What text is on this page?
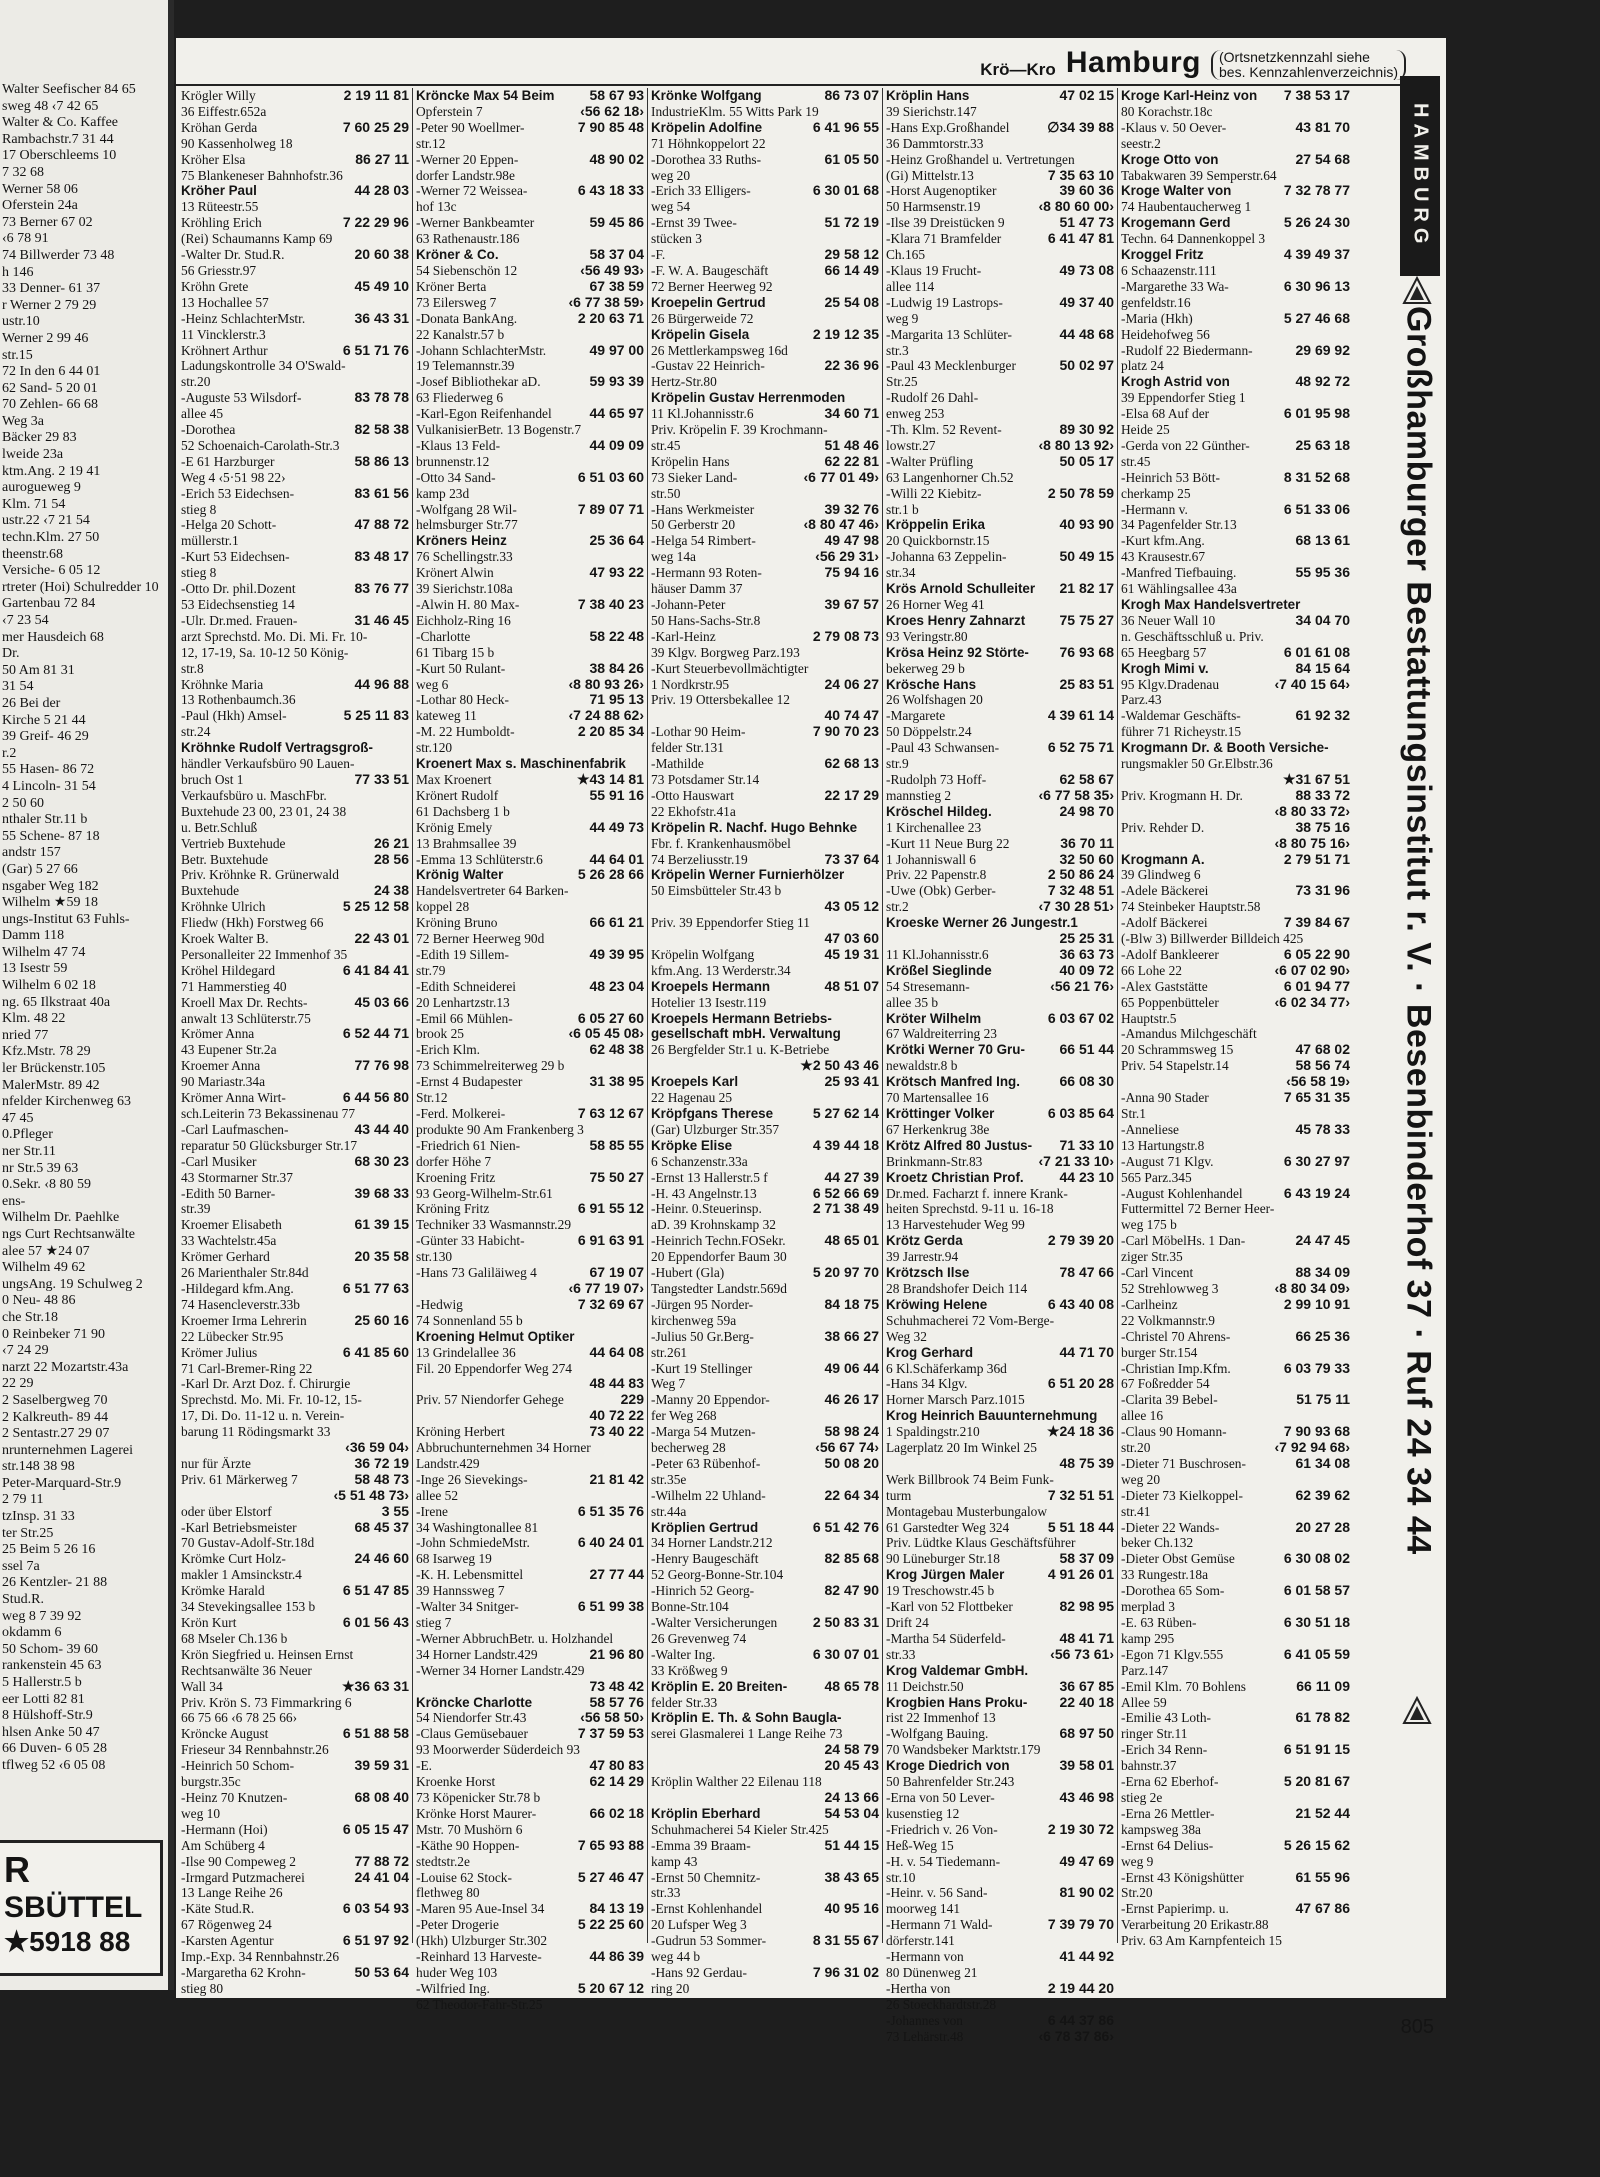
Walter Seefischer 84 65
sweg 48 ‹7 42 65
Walter & Co. Kaffee
Rambachstr.7 31 44
17 Oberschleems 10
7 32 68
Werner 58 06
Oferstein 24a
73 Berner 67 02
‹6 78 91
74 Billwerder 73 48
h 146
33 Denner- 61 37
r Werner 2 79 29
ustr.10
Werner 2 99 46
str.15
72 In den 6 44 01
62 Sand- 5 20 01
70 Zehlen- 66 68
Weg 3a
Bäcker 29 83
lweide 23a
ktm.Ang. 2 19 41
aurogueweg 9
Klm. 71 54
ustr.22 ‹7 21 54
techn.Klm. 27 50
theenstr.68
Versiche- 6 05 12
rtreter (Hoi) Schulredder 10
Gartenbau 72 84
‹7 23 54
mer Hausdeich 68
Dr.
50 Am 81 31
31 54
26 Bei der
Kirche 5 21 44
39 Greif- 46 29
r.2
55 Hasen- 86 72
4 Lincoln- 31 54
2 50 60
nthaler Str.11 b
55 Schene- 87 18
andstr 157
(Gar) 5 27 66
nsgaber Weg 182
Wilhelm ★59 18
ungs-Institut 63 Fuhls-
Damm 118
Wilhelm 47 74
13 Isestr 59
Wilhelm 6 02 18
ng. 65 Ilkstraat 40a
Klm. 48 22
nried 77
Kfz.Mstr. 78 29
ler Brückenstr.105
MalerMstr. 89 42
nfelder Kirchenweg 63
47 45
0.Pfleger
ner Str.11
nr Str.5 39 63
0.Sekr. ‹8 80 59
ens-
Wilhelm Dr. Paehlke
ngs Curt Rechtsanwälte
alee 57 ★24 07
Wilhelm 49 62
ungsAng. 19 Schulweg 2
0 Neu- 48 86
che Str.18
0 Reinbeker 71 90
‹7 24 29
narzt 22 Mozartstr.43a
22 29
2 Saselbergweg 70
2 Kalkreuth- 89 44
2 Sentastr.27 29 07
nrunternehmen Lagerei
str.148 38 98
Peter-Marquard-Str.9
2 79 11
tzInsp. 31 33
ter Str.25
25 Beim 5 26 16
ssel 7a
26 Kentzler- 21 88
Stud.R.
weg 8 7 39 92
okdamm 6
50 Schom- 39 60
rankenstein 45 63
5 Hallerstr.5 b
eer Lotti 82 81
8 Hülshoff-Str.9
hlsen Anke 50 47
66 Duven- 6 05 28
tflweg 52 ‹6 05 08
R
SBÜTTEL
★5918 88
Krö—Kro Hamburg	(Ortsnetzkennzahl siehe
bes. Kennzahlenverzeichnis)
Krögler Willy	2 19 11 81
36 Eiffestr.652a
Kröhan Gerda	7 60 25 29
90 Kassenholweg 18
Kröher Elsa	86 27 11
75 Blankeneser Bahnhofstr.36
Kröher Paul	44 28 03
13 Rüteestr.55
Kröhling Erich	7 22 29 96
(Rei) Schaumanns Kamp 69
-Walter Dr. Stud.R.	20 60 38
56 Griesstr.97
Kröhn Grete	45 49 10
13 Hochallee 57
-Heinz SchlachterMstr.	36 43 31
11 Vincklerstr.3
Kröhnert Arthur	6 51 71 76
Ladungskontrolle 34 O'Swald-
str.20
-Auguste 53 Wilsdorf-	83 78 78
allee 45
-Dorothea	82 58 38
52 Schoenaich-Carolath-Str.3
-E 61 Harzburger	58 86 13
Weg 4 ‹5·51 98 22›
-Erich 53 Eidechsen-	83 61 56
stieg 8
-Helga 20 Schott-	47 88 72
müllerstr.1
-Kurt 53 Eidechsen-	83 48 17
stieg 8
-Otto Dr. phil.Dozent	83 76 77
53 Eidechsenstieg 14
-Ulr. Dr.med. Frauen-	31 46 45
arzt Sprechstd. Mo. Di. Mi. Fr. 10-
12, 17-19, Sa. 10-12 50 König-
str.8
Kröhnke Maria	44 96 88
13 Rothenbaumch.36
-Paul (Hkh) Amsel-	5 25 11 83
str.24
Kröhnke Rudolf Vertragsgroß-
händler Verkaufsbüro 90 Lauen-
bruch Ost 1	77 33 51
Verkaufsbüro u. MaschFbr.
Buxtehude 23 00, 23 01, 24 38
u. Betr.Schluß
Vertrieb Buxtehude	26 21
Betr. Buxtehude	28 56
Priv. Kröhnke R. Grünerwald
Buxtehude	24 38
Kröhnke Ulrich	5 25 12 58
Fliedw (Hkh) Forstweg 66
Kroek Walter B.	22 43 01
Personalleiter 22 Immenhof 35
Kröhel Hildegard	6 41 84 41
71 Hammerstieg 40
Kroell Max Dr. Rechts-	45 03 66
anwalt 13 Schlüterstr.75
Krömer Anna	6 52 44 71
43 Eupener Str.2a
Kroemer Anna	77 76 98
90 Mariastr.34a
Krömer Anna Wirt-	6 44 56 80
sch.Leiterin 73 Bekassinenau 77
-Carl Laufmaschen-	43 44 40
reparatur 50 Glücksburger Str.17
-Carl Musiker	68 30 23
43 Stormarner Str.37
-Edith 50 Barner-	39 68 33
str.39
Kroemer Elisabeth	61 39 15
33 Wachtelstr.45a
Krömer Gerhard	20 35 58
26 Marienthaler Str.84d
-Hildegard kfm.Ang.	6 51 77 63
74 Hasencleverstr.33b
Kroemer Irma Lehrerin	25 60 16
22 Lübecker Str.95
Krömer Julius	6 41 85 60
71 Carl-Bremer-Ring 22
-Karl Dr. Arzt Doz. f. Chirurgie
Sprechstd. Mo. Mi. Fr. 10-12, 15-
17, Di. Do. 11-12 u. n. Verein-
barung 11 Rödingsmarkt 33
‹36 59 04›
nur für Ärzte	36 72 19
Priv. 61 Märkerweg 7	58 48 73
‹5 51 48 73›
oder über Elstorf	3 55
-Karl Betriebsmeister	68 45 37
70 Gustav-Adolf-Str.18d
Krömke Curt Holz-	24 46 60
makler 1 Amsinckstr.4
Krömke Harald	6 51 47 85
34 Stevekingsallee 153 b
Krön Kurt	6 01 56 43
68 Mseler Ch.136 b
Krön Siegfried u. Heinsen Ernst
Rechtsanwälte 36 Neuer
Wall 34	★36 63 31
Priv. Krön S. 73 Fimmarkring 6
66 75 66 ‹6 78 25 66›
Kröncke August	6 51 88 58
Frieseur 34 Rennbahnstr.26
-Heinrich 50 Schom-	39 59 31
burgstr.35c
-Heinz 70 Knutzen-	68 08 40
weg 10
-Hermann (Hoi)	6 05 15 47
Am Schüberg 4
-Ilse 90 Compeweg 2	77 88 72
-Irmgard Putzmacherei	24 41 04
13 Lange Reihe 26
-Käte Stud.R.	6 03 54 93
67 Rögenweg 24
-Karsten Agentur	6 51 97 92
Imp.-Exp. 34 Rennbahnstr.26
-Margaretha 62 Krohn-	50 53 64
stieg 80
Kröncke Max 54 Beim	58 67 93
Opferstein 7	‹56 62 18›
-Peter 90 Woellmer-	7 90 85 48
str.12
-Werner 20 Eppen-	48 90 02
dorfer Landstr.98e
-Werner 72 Weissea-	6 43 18 33
hof 13c
-Werner Bankbeamter	59 45 86
63 Rathenaustr.186
Kröner & Co.	58 37 04
54 Siebenschön 12	‹56 49 93›
Kröner Berta	67 38 59
73 Eilersweg 7	‹6 77 38 59›
-Donata BankAng.	2 20 63 71
22 Kanalstr.57 b
-Johann SchlachterMstr.	49 97 00
19 Telemannstr.39
-Josef Bibliothekar aD.	59 93 39
63 Fliederweg 6
-Karl-Egon Reifenhandel	44 65 97
VulkanisierBetr. 13 Bogenstr.7
-Klaus 13 Feld-	44 09 09
brunnenstr.12
-Otto 34 Sand-	6 51 03 60
kamp 23d
-Wolfgang 28 Wil-	7 89 07 71
helmsburger Str.77
Kröners Heinz	25 36 64
76 Schellingstr.33
Krönert Alwin	47 93 22
39 Sierichstr.108a
-Alwin H. 80 Max-	7 38 40 23
Eichholz-Ring 16
-Charlotte	58 22 48
61 Tibarg 15 b
-Kurt 50 Rulant-	38 84 26
weg 6	‹8 80 93 26›
-Lothar 80 Heck-	71 95 13
kateweg 11	‹7 24 88 62›
-M. 22 Humboldt-	2 20 85 34
str.120
Kroenert Max s. Maschinenfabrik
Max Kroenert	★43 14 81
Krönert Rudolf	55 91 16
61 Dachsberg 1 b
Krönig Emely	44 49 73
13 Brahmsallee 39
-Emma 13 Schlüterstr.6	44 64 01
Krönig Walter	5 26 28 66
Handelsvertreter 64 Barken-
koppel 28
Kröning Bruno	66 61 21
72 Berner Heerweg 90d
-Edith 19 Sillem-	49 39 95
str.79
-Edith Schneiderei	48 23 04
20 Lenhartzstr.13
-Emil 66 Mühlen-	6 05 27 60
brook 25	‹6 05 45 08›
-Erich Klm.	62 48 38
73 Schimmelreiterweg 29 b
-Ernst 4 Budapester	31 38 95
Str.12
-Ferd. Molkerei-	7 63 12 67
produkte 90 Am Frankenberg 3
-Friedrich 61 Nien-	58 85 55
dorfer Höhe 7
Kroening Fritz	75 50 27
93 Georg-Wilhelm-Str.61
Kröning Fritz	6 91 55 12
Techniker 33 Wasmannstr.29
-Günter 33 Habicht-	6 91 63 91
str.130
-Hans 73 Galiläiweg 4	67 19 07
‹6 77 19 07›
-Hedwig	7 32 69 67
74 Sonnenland 55 b
Kroening Helmut Optiker
13 Grindelallee 36	44 64 08
Fil. 20 Eppendorfer Weg 274
48 44 83
Priv. 57 Niendorfer Gehege	229
40 72 22
Kröning Herbert	73 40 22
Abbruchunternehmen 34 Horner
Landstr.429
-Inge 26 Sievekings-	21 81 42
allee 52
-Irene	6 51 35 76
34 Washingtonallee 81
-John SchmiedeMstr.	6 40 24 01
68 Isarweg 19
-K. H. Lebensmittel	27 77 44
39 Hannssweg 7
-Walter 34 Snitger-	6 51 99 38
stieg 7
-Werner AbbruchBetr. u. Holzhandel
34 Horner Landstr.429	21 96 80
-Werner 34 Horner Landstr.429
73 48 42
Kröncke Charlotte	58 57 76
54 Niendorfer Str.43	‹56 58 50›
-Claus Gemüsebauer	7 37 59 53
93 Moorwerder Süderdeich 93
-E.	47 80 83
Kroenke Horst	62 14 29
73 Köpenicker Str.78 b
Krönke Horst Maurer-	66 02 18
Mstr. 70 Mushörn 6
-Käthe 90 Hoppen-	7 65 93 88
stedtstr.2e
-Louise 62 Stock-	5 27 46 47
flethweg 80
-Maren 95 Aue-Insel 34	84 13 19
-Peter Drogerie	5 22 25 60
(Hkh) Ulzburger Str.302
-Reinhard 13 Harveste-	44 86 39
huder Weg 103
-Wilfried Ing.	5 20 67 12
62 Theodor-Fahr-Str.25
Krönke Wolfgang	86 73 07
IndustrieKlm. 55 Witts Park 19
Kröpelin Adolfine	6 41 96 55
71 Höhnkoppelort 22
-Dorothea 33 Ruths-	61 05 50
weg 20
-Erich 33 Elligers-	6 30 01 68
weg 54
-Ernst 39 Twee-	51 72 19
stücken 3
-F.	29 58 12
-F. W. A. Baugeschäft	66 14 49
72 Berner Heerweg 92
Kroepelin Gertrud	25 54 08
26 Bürgerweide 72
Kröpelin Gisela	2 19 12 35
26 Mettlerkampsweg 16d
-Gustav 22 Heinrich-	22 36 96
Hertz-Str.80
Kröpelin Gustav Herrenmoden
11 Kl.Johannisstr.6	34 60 71
Priv. Kröpelin F. 39 Krochmann-
str.45	51 48 46
Kröpelin Hans	62 22 81
73 Sieker Land-	‹6 77 01 49›
str.50
-Hans Werkmeister	39 32 76
50 Gerberstr 20	‹8 80 47 46›
-Helga 54 Rimbert-	49 47 98
weg 14a	‹56 29 31›
-Hermann 93 Roten-	75 94 16
häuser Damm 37
-Johann-Peter	39 67 57
50 Hans-Sachs-Str.8
-Karl-Heinz	2 79 08 73
39 Klgv. Borgweg Parz.193
-Kurt Steuerbevollmächtigter
1 Nordkrstr.95	24 06 27
Priv. 19 Ottersbekallee 12
40 74 47
-Lothar 90 Heim-	7 90 70 23
felder Str.131
-Mathilde	62 68 13
73 Potsdamer Str.14
-Otto Hauswart	22 17 29
22 Ekhofstr.41a
Kröpelin R. Nachf. Hugo Behnke
Fbr. f. Krankenhausmöbel
74 Berzeliusstr.19	73 37 64
Kröpelin Werner Furnierhölzer
50 Eimsbütteler Str.43 b
43 05 12
Priv. 39 Eppendorfer Stieg 11
47 03 60
Kröpelin Wolfgang	45 19 31
kfm.Ang. 13 Werderstr.34
Kroepels Hermann	48 51 07
Hotelier 13 Isestr.119
Kroepels Hermann Betriebs-
gesellschaft mbH. Verwaltung
26 Bergfelder Str.1 u. K-Betriebe
★2 50 43 46
Kroepels Karl	25 93 41
22 Hagenau 25
Kröpfgans Therese	5 27 62 14
(Gar) Ulzburger Str.357
Kröpke Elise	4 39 44 18
6 Schanzenstr.33a
-Ernst 13 Hallerstr.5 f	44 27 39
-H. 43 Angelnstr.13	6 52 66 69
-Heinr. 0.Steuerinsp.	2 71 38 49
aD. 39 Krohnskamp 32
-Heinrich Techn.FOSekr.	48 65 01
20 Eppendorfer Baum 30
-Hubert (Gla)	5 20 97 70
Tangstedter Landstr.569d
-Jürgen 95 Norder-	84 18 75
kirchenweg 59a
-Julius 50 Gr.Berg-	38 66 27
str.261
-Kurt 19 Stellinger	49 06 44
Weg 7
-Manny 20 Eppendor-	46 26 17
fer Weg 268
-Marga 54 Mutzen-	58 98 24
becherweg 28	‹56 67 74›
-Peter 63 Rübenhof-	50 08 20
str.35e
-Wilhelm 22 Uhland-	22 64 34
str.44a
Kröplien Gertrud	6 51 42 76
34 Horner Landstr.212
-Henry Baugeschäft	82 85 68
52 Georg-Bonne-Str.104
-Hinrich 52 Georg-	82 47 90
Bonne-Str.104
-Walter Versicherungen	2 50 83 31
26 Grevenweg 74
-Walter Ing.	6 30 07 01
33 Krößweg 9
Kröplin E. 20 Breiten-	48 65 78
felder Str.33
Kröplin E. Th. & Sohn Baugla-
serei Glasmalerei 1 Lange Reihe 73
24 58 79
20 45 43
Kröplin Walther 22 Eilenau 118
24 13 66
Kröplin Eberhard	54 53 04
Schuhmacherei 54 Kieler Str.425
-Emma 39 Braam-	51 44 15
kamp 43
-Ernst 50 Chemnitz-	38 43 65
str.33
-Ernst Kohlenhandel	40 95 16
20 Lufsper Weg 3
-Gudrun 53 Sommer-	8 31 55 67
weg 44 b
-Hans 92 Gerdau-	7 96 31 02
ring 20
Kröplin Hans	47 02 15
39 Sierichstr.147
-Hans Exp.Großhandel	∅34 39 88
36 Dammtorstr.33
-Heinz Großhandel u. Vertretungen
(Gi) Mittelstr.13	7 35 63 10
-Horst Augenoptiker	39 60 36
50 Harmsenstr.19	‹8 80 60 00›
-Ilse 39 Dreistücken 9	51 47 73
-Klara 71 Bramfelder	6 41 47 81
Ch.165
-Klaus 19 Frucht-	49 73 08
allee 114
-Ludwig 19 Lastrops-	49 37 40
weg 9
-Margarita 13 Schlüter-	44 48 68
str.3
-Paul 43 Mecklenburger	50 02 97
Str.25
-Rudolf 26 Dahl-
enweg 253
-Th. Klm. 52 Revent-	89 30 92
lowstr.27	‹8 80 13 92›
-Walter Prüfling	50 05 17
63 Langenhorner Ch.52
-Willi 22 Kiebitz-	2 50 78 59
str.1 b
Kröppelin Erika	40 93 90
20 Quickbornstr.15
-Johanna 63 Zeppelin-	50 49 15
str.34
Krös Arnold Schulleiter	21 82 17
26 Horner Weg 41
Kroes Henry Zahnarzt	75 75 27
93 Veringstr.80
Krösa Heinz 92 Störte-	76 93 68
bekerweg 29 b
Krösche Hans	25 83 51
26 Wolfshagen 20
-Margarete	4 39 61 14
50 Döppelstr.24
-Paul 43 Schwansen-	6 52 75 71
str.9
-Rudolph 73 Hoff-	62 58 67
mannstieg 2	‹6 77 58 35›
Kröschel Hildeg.	24 98 70
1 Kirchenallee 23
-Kurt 11 Neue Burg 22	36 70 11
1 Johanniswall 6	32 50 60
Priv. 22 Papenstr.8	2 50 86 24
-Uwe (Obk) Gerber-	7 32 48 51
str.2	‹7 30 28 51›
Kroeske Werner 26 Jungestr.1
25 25 31
11 Kl.Johannisstr.6	36 63 73
Krößel Sieglinde	40 09 72
54 Stresemann-	‹56 21 76›
allee 35 b
Kröter Wilhelm	6 03 67 02
67 Waldreiterring 23
Krötki Werner 70 Gru-	66 51 44
newaldstr.8 b
Krötsch Manfred Ing.	66 08 30
70 Martensallee 16
Kröttinger Volker	6 03 85 64
67 Herkenkrug 38e
Krötz Alfred 80 Justus-	71 33 10
Brinkmann-Str.83	‹7 21 33 10›
Kroetz Christian Prof.	44 23 10
Dr.med. Facharzt f. innere Krank-
heiten Sprechstd. 9-11 u. 16-18
13 Harvestehuder Weg 99
Krötz Gerda	2 79 39 20
39 Jarrestr.94
Krötzsch Ilse	78 47 66
28 Brandshofer Deich 114
Kröwing Helene	6 43 40 08
Schuhmacherei 72 Vom-Berge-
Weg 32
Krog Gerhard	44 71 70
6 Kl.Schäferkamp 36d
-Hans 34 Klgv.	6 51 20 28
Horner Marsch Parz.1015
Krog Heinrich Bauunternehmung
1 Spaldingstr.210	★24 18 36
Lagerplatz 20 Im Winkel 25
48 75 39
Werk Billbrook 74 Beim Funk-
turm	7 32 51 51
Montagebau Musterbungalow
61 Garstedter Weg 324	5 51 18 44
Priv. Lüdtke Klaus Geschäftsführer
90 Lüneburger Str.18	58 37 09
Krog Jürgen Maler	4 91 26 01
19 Treschowstr.45 b
-Karl von 52 Flottbeker	82 98 95
Drift 24
-Martha 54 Süderfeld-	48 41 71
str.33	‹56 73 61›
Krog Valdemar GmbH.
11 Deichstr.50	36 67 85
Krogbien Hans Proku-	22 40 18
rist 22 Immenhof 13
-Wolfgang Bauing.	68 97 50
70 Wandsbeker Marktstr.179
Kroge Diedrich von	39 58 01
50 Bahrenfelder Str.243
-Erna von 50 Lever-	43 46 98
kusenstieg 12
-Friedrich v. 26 Von-	2 19 30 72
Heß-Weg 15
-H. v. 54 Tiedemann-	49 47 69
str.10
-Heinr. v. 56 Sand-	81 90 02
moorweg 141
-Hermann 71 Wald-	7 39 79 70
dörferstr.141
-Hermann von	41 44 92
80 Dünenweg 21
-Hertha von	2 19 44 20
26 Stoeckhardtstr.28
-Johannes von	6 44 37 86
73 Lehärstr.48	‹6 78 37 86›
Kroge Karl-Heinz von	7 38 53 17
80 Korachstr.18c
-Klaus v. 50 Oever-	43 81 70
seestr.2
Kroge Otto von	27 54 68
Tabakwaren 39 Semperstr.64
Kroge Walter von	7 32 78 77
74 Haubentaucherweg 1
Krogemann Gerd	5 26 24 30
Techn. 64 Dannenkoppel 3
Kroggel Fritz	4 39 49 37
6 Schaazenstr.111
-Margarethe 33 Wa-	6 30 96 13
genfeldstr.16
-Maria (Hkh)	5 27 46 68
Heidehofweg 56
-Rudolf 22 Biedermann-	29 69 92
platz 24
Krogh Astrid von	48 92 72
39 Eppendorfer Stieg 1
-Elsa 68 Auf der	6 01 95 98
Heide 25
-Gerda von 22 Günther-	25 63 18
str.45
-Heinrich 53 Bött-	8 31 52 68
cherkamp 25
-Hermann v.	6 51 33 06
34 Pagenfelder Str.13
-Kurt kfm.Ang.	68 13 61
43 Krausestr.67
-Manfred Tiefbauing.	55 95 36
61 Wählingsallee 43a
Krogh Max Handelsvertreter
36 Neuer Wall 10	34 04 70
n. Geschäftsschluß u. Priv.
65 Heegbarg 57	6 01 61 08
Krogh Mimi v.	84 15 64
95 Klgv.Dradenau	‹7 40 15 64›
Parz.43
-Waldemar Geschäfts-	61 92 32
führer 71 Richeystr.15
Krogmann Dr. & Booth Versiche-
rungsmakler 50 Gr.Elbstr.36
★31 67 51
Priv. Krogmann H. Dr.	88 33 72
‹8 80 33 72›
Priv. Rehder D.	38 75 16
‹8 80 75 16›
Krogmann A.	2 79 51 71
39 Glindweg 6
-Adele Bäckerei	73 31 96
74 Steinbeker Hauptstr.58
-Adolf Bäckerei	7 39 84 67
(-Blw 3) Billwerder Billdeich 425
-Adolf Bankleerer	6 05 22 90
66 Lohe 22	‹6 07 02 90›
-Alex Gaststätte	6 01 94 77
65 Poppenbütteler	‹6 02 34 77›
Hauptstr.5
-Amandus Milchgeschäft
20 Schrammsweg 15	47 68 02
Priv. 54 Stapelstr.14	58 56 74
‹56 58 19›
-Anna 90 Stader	7 65 31 35
Str.1
-Anneliese	45 78 33
13 Hartungstr.8
-August 71 Klgv.	6 30 27 97
565 Parz.345
-August Kohlenhandel	6 43 19 24
Futtermittel 72 Berner Heer-
weg 175 b
-Carl MöbelHs. 1 Dan-	24 47 45
ziger Str.35
-Carl Vincent	88 34 09
52 Strehlowweg 3	‹8 80 34 09›
-Carlheinz	2 99 10 91
22 Volkmannstr.9
-Christel 70 Ahrens-	66 25 36
burger Str.154
-Christian Imp.Kfm.	6 03 79 33
67 Foßredder 54
-Clarita 39 Bebel-	51 75 11
allee 16
-Claus 90 Homann-	7 90 93 68
str.20	‹7 92 94 68›
-Dieter 71 Buschrosen-	61 34 08
weg 20
-Dieter 73 Kielkoppel-	62 39 62
str.41
-Dieter 22 Wands-	20 27 28
beker Ch.132
-Dieter Obst Gemüse	6 30 08 02
33 Rungestr.18a
-Dorothea 65 Som-	6 01 58 57
merplad 3
-E. 63 Rüben-	6 30 51 18
kamp 295
-Egon 71 Klgv.555	6 41 05 59
Parz.147
-Emil Klm. 70 Bohlens	66 11 09
Allee 59
-Emilie 43 Loth-	61 78 82
ringer Str.11
-Erich 34 Renn-	6 51 91 15
bahnstr.37
-Erna 62 Eberhof-	5 20 81 67
stieg 2e
-Erna 26 Mettler-	21 52 44
kampsweg 38a
-Ernst 64 Delius-	5 26 15 62
weg 9
-Ernst 43 Königshütter	61 55 96
Str.20
-Ernst Papierimp. u.	47 67 86
Verarbeitung 20 Erikastr.88
Priv. 63 Am Karnpfenteich 15
HAMBURG
Großhamburger Bestattungsinstitut r. V. · Besenbinderhof 37 · Ruf 24 34 44
805
